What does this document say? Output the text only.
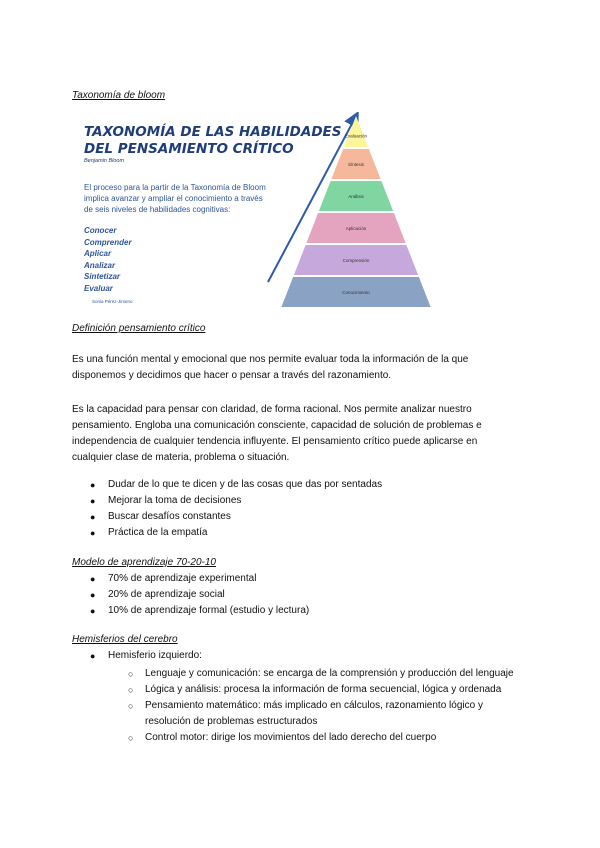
Taxonomía de bloom
TAXONOMÍA DE LAS HABILIDADES
DEL PENSAMIENTO CRÍTICO
Benjamin Bloom
El proceso para la partir de la Taxonomía de Bloom
implica avanzar y ampliar el conocimiento a través
de seis niveles de habilidades cognitivas:
Conocer
Comprender
Aplicar
Analizar
Sintetizar
Evaluar
Sonia Pérez-Jimeno
Evaluación
Síntesis
Análisis
Aplicación
Comprensión
Conocimiento
Definición pensamiento crítico
Es una función mental y emocional que nos permite evaluar toda la información de la que
disponemos y decidimos que hacer o pensar a través del razonamiento.
Es la capacidad para pensar con claridad, de forma racional. Nos permite analizar nuestro
pensamiento. Engloba una comunicación consciente, capacidad de solución de problemas e
independencia de cualquier tendencia influyente. El pensamiento crítico puede aplicarse en
cualquier clase de materia, problema o situación.
● Dudar de lo que te dicen y de las cosas que das por sentadas
● Mejorar la toma de decisiones
● Buscar desafíos constantes
● Práctica de la empatía
Modelo de aprendizaje 70-20-10
● 70% de aprendizaje experimental
● 20% de aprendizaje social
● 10% de aprendizaje formal (estudio y lectura)
Hemisferios del cerebro
● Hemisferio izquierdo:
○ Lenguaje y comunicación: se encarga de la comprensión y producción del lenguaje
○ Lógica y análisis: procesa la información de forma secuencial, lógica y ordenada
○ Pensamiento matemático: más implicado en cálculos, razonamiento lógico y
resolución de problemas estructurados
○ Control motor: dirige los movimientos del lado derecho del cuerpo
